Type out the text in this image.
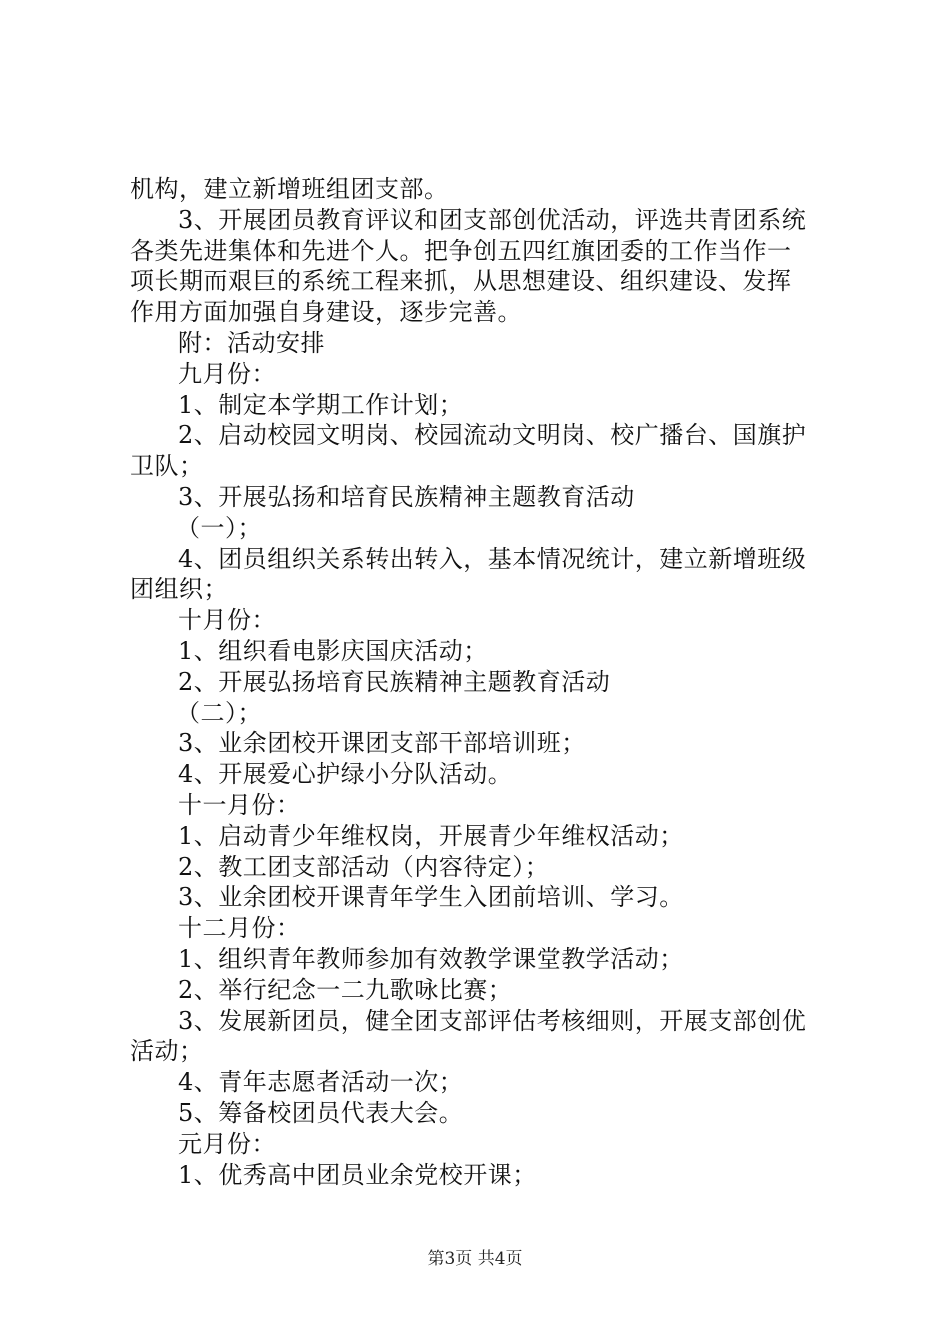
机构，建立新增班组团支部。
3、开展团员教育评议和团支部创优活动，评选共青团系统
各类先进集体和先进个人。把争创五四红旗团委的工作当作一
项长期而艰巨的系统工程来抓，从思想建设、组织建设、发挥
作用方面加强自身建设，逐步完善。
附：活动安排
九月份：
1、制定本学期工作计划；
2、启动校园文明岗、校园流动文明岗、校广播台、国旗护
卫队；
3、开展弘扬和培育民族精神主题教育活动
（一）；
4、团员组织关系转出转入，基本情况统计，建立新增班级
团组织；
十月份：
1、组织看电影庆国庆活动；
2、开展弘扬培育民族精神主题教育活动
（二）；
3、业余团校开课团支部干部培训班；
4、开展爱心护绿小分队活动。
十一月份：
1、启动青少年维权岗，开展青少年维权活动；
2、教工团支部活动（内容待定）；
3、业余团校开课青年学生入团前培训、学习。
十二月份：
1、组织青年教师参加有效教学课堂教学活动；
2、举行纪念一二九歌咏比赛；
3、发展新团员，健全团支部评估考核细则，开展支部创优
活动；
4、青年志愿者活动一次；
5、筹备校团员代表大会。
元月份：
1、优秀高中团员业余党校开课；
第3页 共4页
